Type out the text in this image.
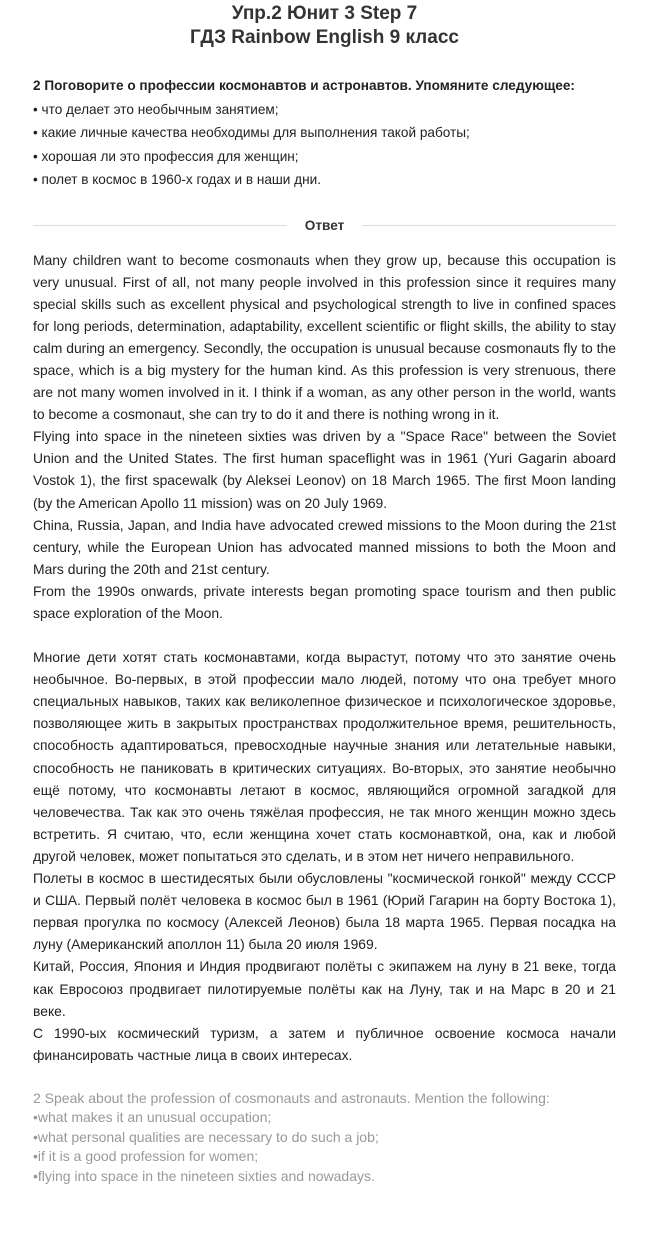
Упр.2 Юнит 3 Step 7
ГДЗ Rainbow English 9 класс
2 Поговорите о профессии космонавтов и астронавтов. Упомяните следующее:
• что делает это необычным занятием;
• какие личные качества необходимы для выполнения такой работы;
• хорошая ли это профессия для женщин;
• полет в космос в 1960-х годах и в наши дни.
Ответ

Many children want to become cosmonauts when they grow up, because this occupation is very unusual. First of all, not many people involved in this profession since it requires many special skills such as excellent physical and psychological strength to live in confined spaces for long periods, determination, adaptability, excellent scientific or flight skills, the ability to stay calm during an emergency. Secondly, the occupation is unusual because cosmonauts fly to the space, which is a big mystery for the human kind. As this profession is very strenuous, there are not many women involved in it. I think if a woman, as any other person in the world, wants to become a cosmonaut, she can try to do it and there is nothing wrong in it.

Flying into space in the nineteen sixties was driven by a "Space Race" between the Soviet Union and the United States. The first human spaceflight was in 1961 (Yuri Gagarin aboard Vostok 1), the first spacewalk (by Aleksei Leonov) on 18 March 1965. The first Moon landing (by the American Apollo 11 mission) was on 20 July 1969.

China, Russia, Japan, and India have advocated crewed missions to the Moon during the 21st century, while the European Union has advocated manned missions to both the Moon and Mars during the 20th and 21st century.

From the 1990s onwards, private interests began promoting space tourism and then public space exploration of the Moon.

Многие дети хотят стать космонавтами, когда вырастут, потому что это занятие очень необычное. Во-первых, в этой профессии мало людей, потому что она требует много специальных навыков, таких как великолепное физическое и психологическое здоровье, позволяющее жить в закрытых пространствах продолжительное время, решительность, способность адаптироваться, превосходные научные знания или летательные навыки, способность не паниковать в критических ситуациях. Во-вторых, это занятие необычно ещё потому, что космонавты летают в космос, являющийся огромной загадкой для человечества. Так как это очень тяжёлая профессия, не так много женщин можно здесь встретить. Я считаю, что, если женщина хочет стать космонавткой, она, как и любой другой человек, может попытаться это сделать, и в этом нет ничего неправильного.

Полеты в космос в шестидесятых были обусловлены "космической гонкой" между СССР и США. Первый полёт человека в космос был в 1961 (Юрий Гагарин на борту Востока 1), первая прогулка по космосу (Алексей Леонов) была 18 марта 1965. Первая посадка на луну (Американский аполлон 11) была 20 июля 1969.

Китай, Россия, Япония и Индия продвигают полёты с экипажем на луну в 21 веке, тогда как Евросоюз продвигает пилотируемые полёты как на Луну, так и на Марс в 20 и 21 веке.

С 1990-ых космический туризм, а затем и публичное освоение космоса начали финансировать частные лица в своих интересах.

2 Speak about the profession of cosmonauts and astronauts. Mention the following:
•what makes it an unusual occupation;
•what personal qualities are necessary to do such a job;
•if it is a good profession for women;
•flying into space in the nineteen sixties and nowadays.
